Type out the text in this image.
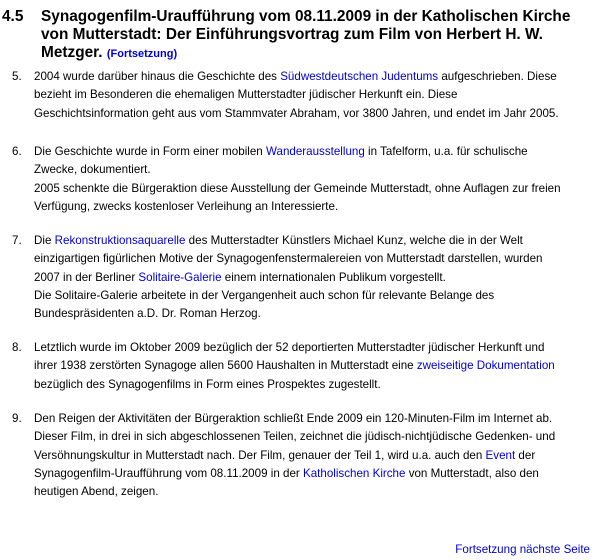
4.5	Synagogenfilm-Uraufführung vom 08.11.2009 in der Katholischen Kirche von Mutterstadt: Der Einführungsvortrag zum Film von Herbert H. W. Metzger. (Fortsetzung)
5.	2004 wurde darüber hinaus die Geschichte des Südwestdeutschen Judentums aufgeschrieben. Diese
bezieht im Besonderen die ehemaligen Mutterstadter jüdischer Herkunft ein. Diese
Geschichtsinformation geht aus vom Stammvater Abraham, vor 3800 Jahren, und endet im Jahr 2005.
6.	Die Geschichte wurde in Form einer mobilen Wanderausstellung in Tafelform, u.a. für schulische
Zwecke, dokumentiert.
2005 schenkte die Bürgeraktion diese Ausstellung der Gemeinde Mutterstadt, ohne Auflagen zur freien
Verfügung, zwecks kostenloser Verleihung an Interessierte.
7.	Die Rekonstruktionsaquarelle des Mutterstadter Künstlers Michael Kunz, welche die in der Welt
einzigartigen figürlichen Motive der Synagogenfenstermalereien von Mutterstadt darstellen, wurden
2007 in der Berliner Solitaire-Galerie einem internationalen Publikum vorgestellt.
Die Solitaire-Galerie arbeitete in der Vergangenheit auch schon für relevante Belange des
Bundespräsidenten a.D. Dr. Roman Herzog.
8.	Letztlich wurde im Oktober 2009 bezüglich der 52 deportierten Mutterstadter jüdischer Herkunft und
ihrer 1938 zerstörten Synagoge allen 5600 Haushalten in Mutterstadt eine zweiseitige Dokumentation
bezüglich des Synagogenfilms in Form eines Prospektes zugestellt.
9.	Den Reigen der Aktivitäten der Bürgeraktion schließt Ende 2009 ein 120-Minuten-Film im Internet ab.
Dieser Film, in drei in sich abgeschlossenen Teilen, zeichnet die jüdisch-nichtjüdische Gedenken- und
Versöhnungskultur in Mutterstadt nach. Der Film, genauer der Teil 1, wird u.a. auch den Event der
Synagogenfilm-Uraufführung vom 08.11.2009 in der Katholischen Kirche von Mutterstadt, also den
heutigen Abend, zeigen.
Fortsetzung nächste Seite
